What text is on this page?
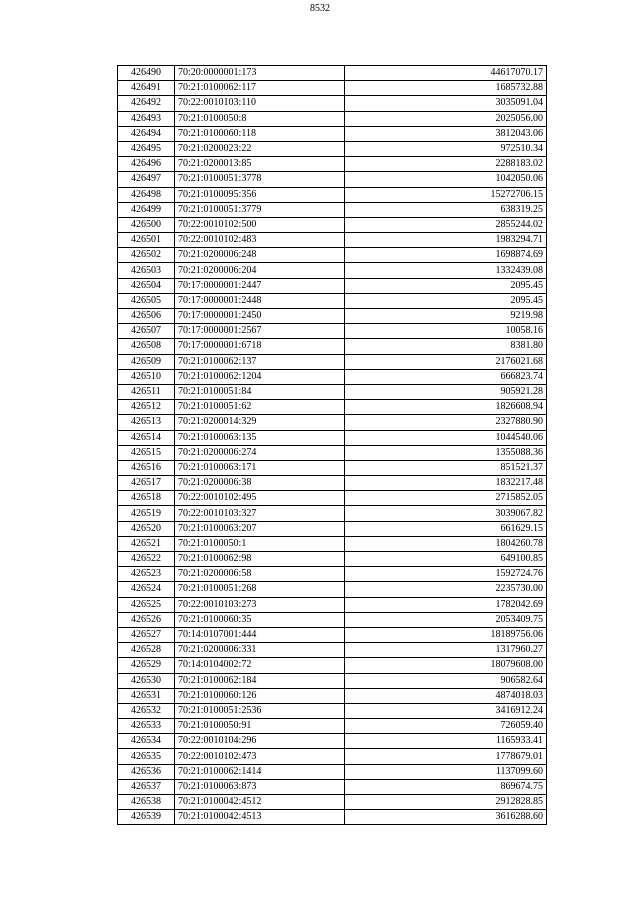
8532
426490	70:20:0000001:173	44617070.17
426491	70:21:0100062:117	1685732.88
426492	70:22:0010103:110	3035091.04
426493	70:21:0100050:8	2025056.00
426494	70:21:0100060:118	3812043.06
426495	70:21:0200023:22	972510.34
426496	70:21:0200013:85	2288183.02
426497	70:21:0100051:3778	1042050.06
426498	70:21:0100095:356	15272706.15
426499	70:21:0100051:3779	638319.25
426500	70:22:0010102:500	2855244.02
426501	70:22:0010102:483	1983294.71
426502	70:21:0200006:248	1698874.69
426503	70:21:0200006:204	1332439.08
426504	70:17:0000001:2447	2095.45
426505	70:17:0000001:2448	2095.45
426506	70:17:0000001:2450	9219.98
426507	70:17:0000001:2567	10058.16
426508	70:17:0000001:6718	8381.80
426509	70:21:0100062:137	2176021.68
426510	70:21:0100062:1204	666823.74
426511	70:21:0100051:84	905921.28
426512	70:21:0100051:62	1826608.94
426513	70:21:0200014:329	2327880.90
426514	70:21:0100063:135	1044540.06
426515	70:21:0200006:274	1355088.36
426516	70:21:0100063:171	851521.37
426517	70:21:0200006:38	1832217.48
426518	70:22:0010102:495	2715852.05
426519	70:22:0010103:327	3039067.82
426520	70:21:0100063:207	661629.15
426521	70:21:0100050:1	1804260.78
426522	70:21:0100062:98	649100.85
426523	70:21:0200006:58	1592724.76
426524	70:21:0100051:268	2235730.00
426525	70:22:0010103:273	1782042.69
426526	70:21:0100060:35	2053409.75
426527	70:14:0107001:444	18189756.06
426528	70:21:0200006:331	1317960.27
426529	70:14:0104002:72	18079608.00
426530	70:21:0100062:184	906582.64
426531	70:21:0100060:126	4874018.03
426532	70:21:0100051:2536	3416912.24
426533	70:21:0100050:91	726059.40
426534	70:22:0010104:296	1165933.41
426535	70:22:0010102:473	1778679.01
426536	70:21:0100062:1414	1137099.60
426537	70:21:0100063:873	869674.75
426538	70:21:0100042:4512	2912828.85
426539	70:21:0100042:4513	3616288.60
